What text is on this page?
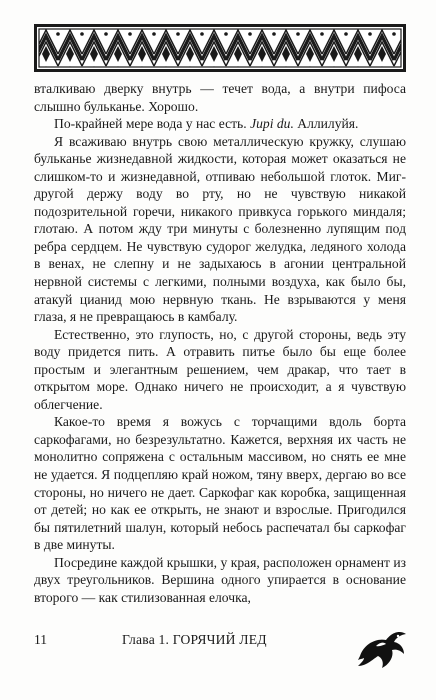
вталкиваю дверку внутрь — течет вода, а внутри пифоса слышно бульканье. Хорошо.

По-крайней мере вода у нас есть. Jupi du. Аллилуйя.

Я всаживаю внутрь свою металлическую кружку, слушаю бульканье жизнедавной жидкости, которая может оказаться не слишком-то и жизнедавной, отпиваю небольшой глоток. Миг-другой держу воду во рту, но не чувствую никакой подозрительной горечи, никакого привкуса горького миндаля; глотаю. А потом жду три минуты с болезненно лупящим под ребра сердцем. Не чувствую судорог желудка, ледяного холода в венах, не слепну и не задыхаюсь в агонии центральной нервной системы с легкими, полными воздуха, как было бы, атакуй цианид мою нервную ткань. Не взрываются у меня глаза, я не превращаюсь в камбалу.

Естественно, это глупость, но, с другой стороны, ведь эту воду придется пить. А отравить питье было бы еще более простым и элегантным решением, чем дракар, что тает в открытом море. Однако ничего не происходит, а я чувствую облегчение.

Какое-то время я вожусь с торчащими вдоль борта саркофагами, но безрезультатно. Кажется, верхняя их часть не монолитно сопряжена с остальным массивом, но снять ее мне не удается. Я подцепляю край ножом, тяну вверх, дергаю во все стороны, но ничего не дает. Саркофаг как коробка, защищенная от детей; но как ее открыть, не знают и взрослые. Пригодился бы пятилетний шалун, который небось распечатал бы саркофаг в две минуты.

Посредине каждой крышки, у края, расположен орнамент из двух треугольников. Вершина одного упирается в основание второго — как стилизованная елочка,

11	Глава 1. ГОРЯЧИЙ ЛЕД
